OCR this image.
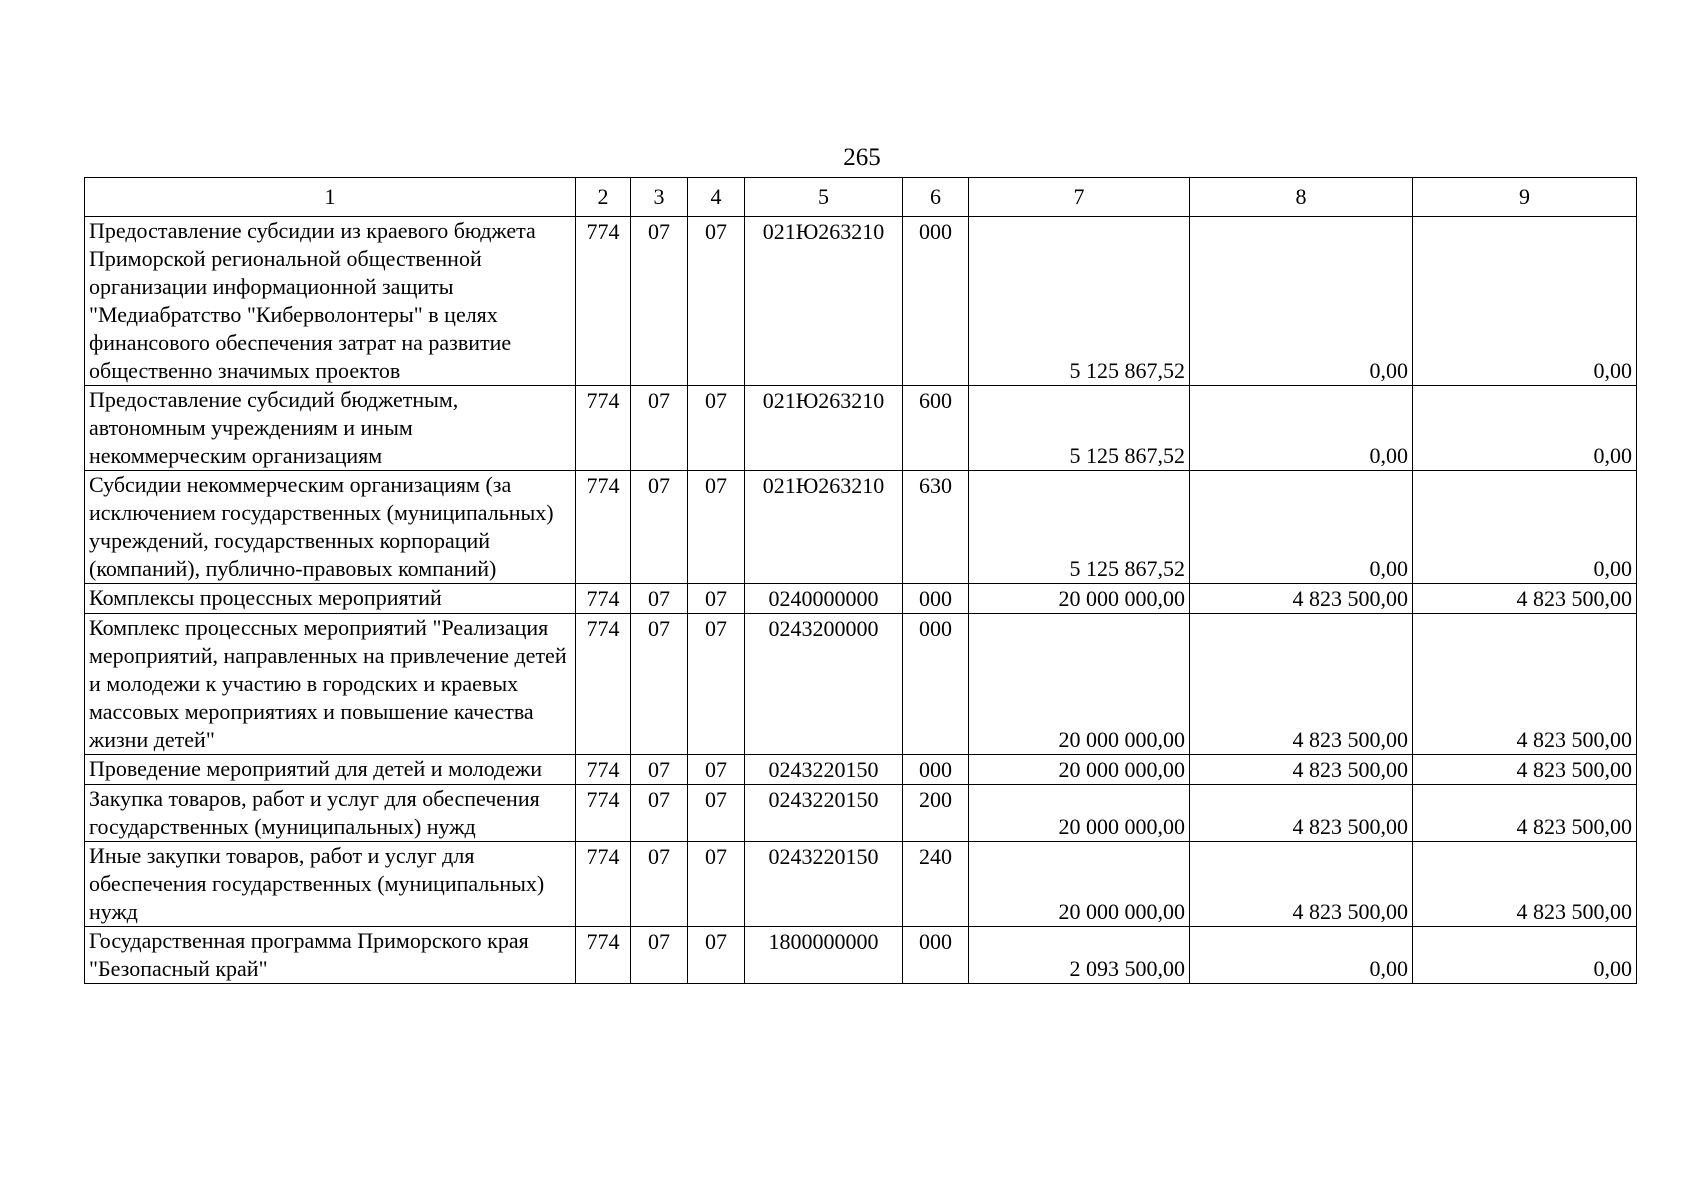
265
1	2	3	4	5	6	7	8	9
Предоставление субсидии из краевого бюджета Приморской региональной общественной организации информационной защиты "Медиабратство "Киберволонтеры" в целях финансового обеспечения затрат на развитие общественно значимых проектов	774	07	07	021Ю263210	000	5 125 867,52	0,00	0,00
Предоставление субсидий бюджетным, автономным учреждениям и иным некоммерческим организациям	774	07	07	021Ю263210	600	5 125 867,52	0,00	0,00
Субсидии некоммерческим организациям (за исключением государственных (муниципальных) учреждений, государственных корпораций (компаний), публично-правовых компаний)	774	07	07	021Ю263210	630	5 125 867,52	0,00	0,00
Комплексы процессных мероприятий	774	07	07	0240000000	000	20 000 000,00	4 823 500,00	4 823 500,00
Комплекс процессных мероприятий "Реализация мероприятий, направленных на привлечение детей и молодежи к участию в городских и краевых массовых мероприятиях и повышение качества жизни детей"	774	07	07	0243200000	000	20 000 000,00	4 823 500,00	4 823 500,00
Проведение мероприятий для детей и молодежи	774	07	07	0243220150	000	20 000 000,00	4 823 500,00	4 823 500,00
Закупка товаров, работ и услуг для обеспечения государственных (муниципальных) нужд	774	07	07	0243220150	200	20 000 000,00	4 823 500,00	4 823 500,00
Иные закупки товаров, работ и услуг для обеспечения государственных (муниципальных) нужд	774	07	07	0243220150	240	20 000 000,00	4 823 500,00	4 823 500,00
Государственная программа Приморского края "Безопасный край"	774	07	07	1800000000	000	2 093 500,00	0,00	0,00
